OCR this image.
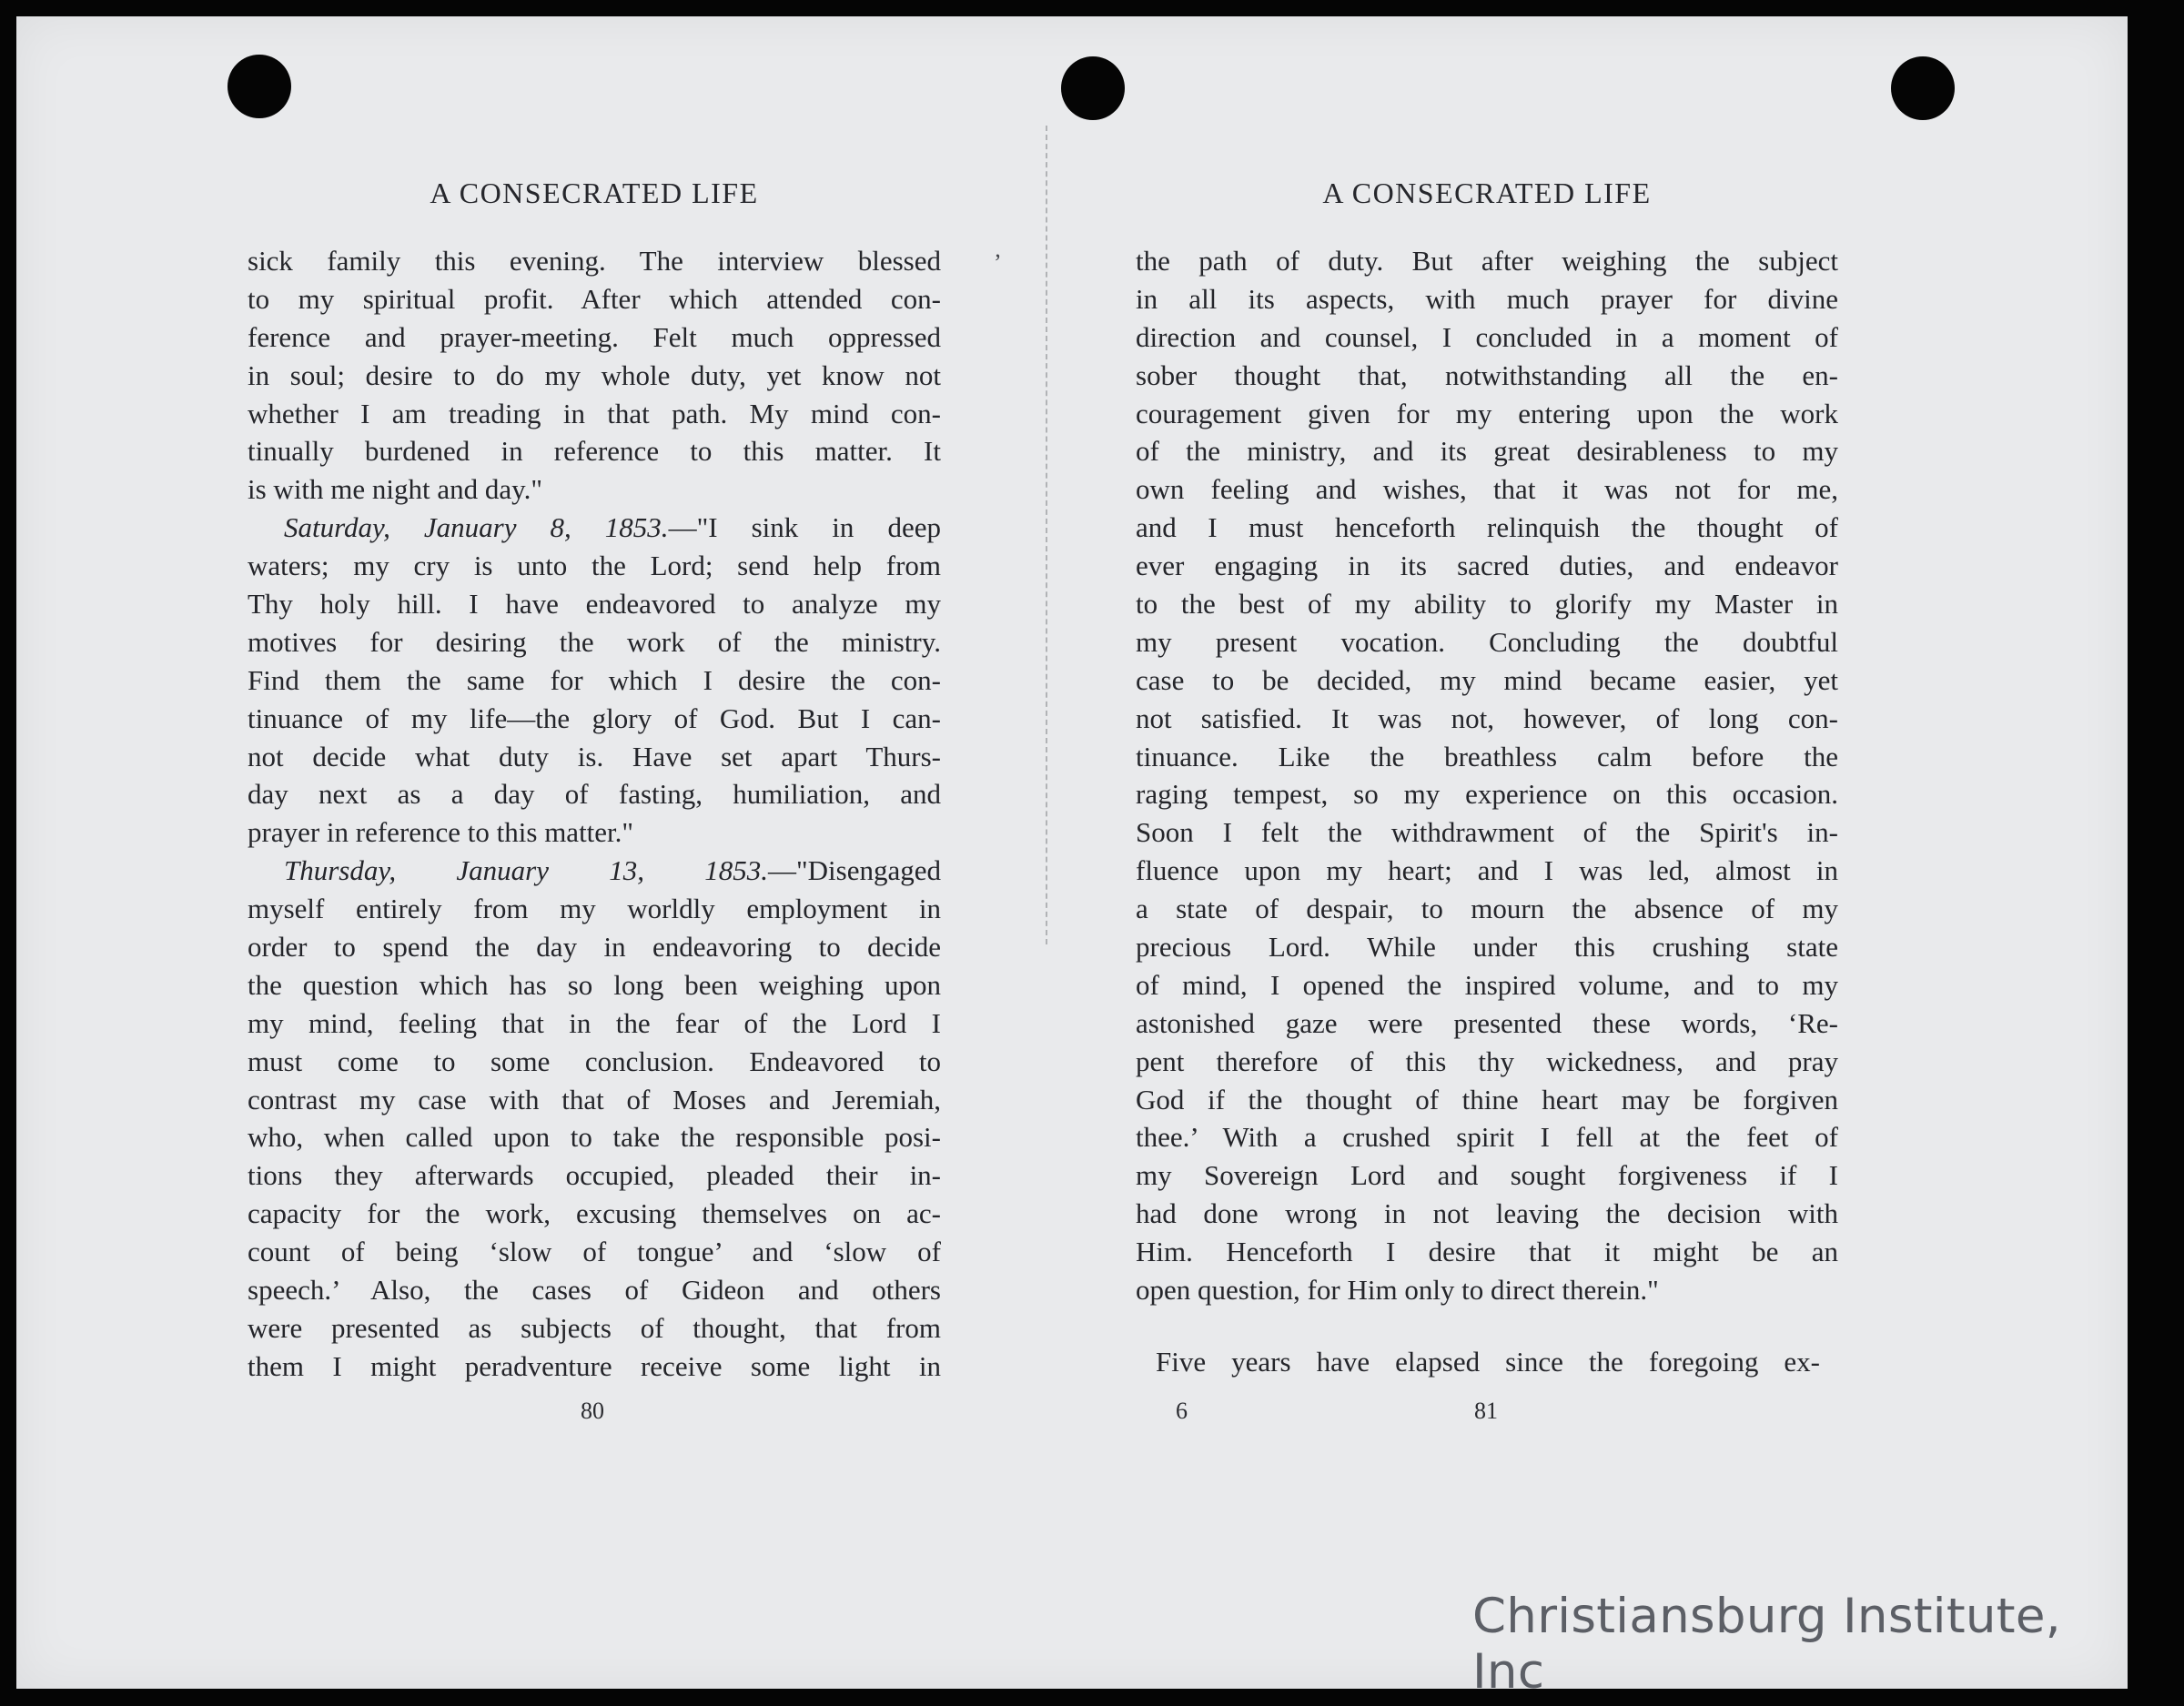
A CONSECRATED LIFE
sick family this evening. The interview blessed
to my spiritual profit. After which attended con-
ference and prayer-meeting. Felt much oppressed
in soul; desire to do my whole duty, yet know not
whether I am treading in that path. My mind con-
tinually burdened in reference to this matter. It
is with me night and day."
Saturday, January 8, 1853.—"I sink in deep
waters; my cry is unto the Lord; send help from
Thy holy hill. I have endeavored to analyze my
motives for desiring the work of the ministry.
Find them the same for which I desire the con-
tinuance of my life—the glory of God. But I can-
not decide what duty is. Have set apart Thurs-
day next as a day of fasting, humiliation, and
prayer in reference to this matter."
Thursday, January 13, 1853.—"Disengaged
myself entirely from my worldly employment in
order to spend the day in endeavoring to decide
the question which has so long been weighing upon
my mind, feeling that in the fear of the Lord I
must come to some conclusion. Endeavored to
contrast my case with that of Moses and Jeremiah,
who, when called upon to take the responsible posi-
tions they afterwards occupied, pleaded their in-
capacity for the work, excusing themselves on ac-
count of being ‘slow of tongue’ and ‘slow of
speech.’ Also, the cases of Gideon and others
were presented as subjects of thought, that from
them I might peradventure receive some light in
80
A CONSECRATED LIFE
the path of duty. But after weighing the subject
in all its aspects, with much prayer for divine
direction and counsel, I concluded in a moment of
sober thought that, notwithstanding all the en-
couragement given for my entering upon the work
of the ministry, and its great desirableness to my
own feeling and wishes, that it was not for me,
and I must henceforth relinquish the thought of
ever engaging in its sacred duties, and endeavor
to the best of my ability to glorify my Master in
my present vocation. Concluding the doubtful
case to be decided, my mind became easier, yet
not satisfied. It was not, however, of long con-
tinuance. Like the breathless calm before the
raging tempest, so my experience on this occasion.
Soon I felt the withdrawment of the Spirit's in-
fluence upon my heart; and I was led, almost in
a state of despair, to mourn the absence of my
precious Lord. While under this crushing state
of mind, I opened the inspired volume, and to my
astonished gaze were presented these words, ‘Re-
pent therefore of this thy wickedness, and pray
God if the thought of thine heart may be forgiven
thee.’ With a crushed spirit I fell at the feet of
my Sovereign Lord and sought forgiveness if I
had done wrong in not leaving the decision with
Him. Henceforth I desire that it might be an
open question, for Him only to direct therein."
Five years have elapsed since the foregoing ex-
6	81
ʼ
Christiansburg Institute, Inc
